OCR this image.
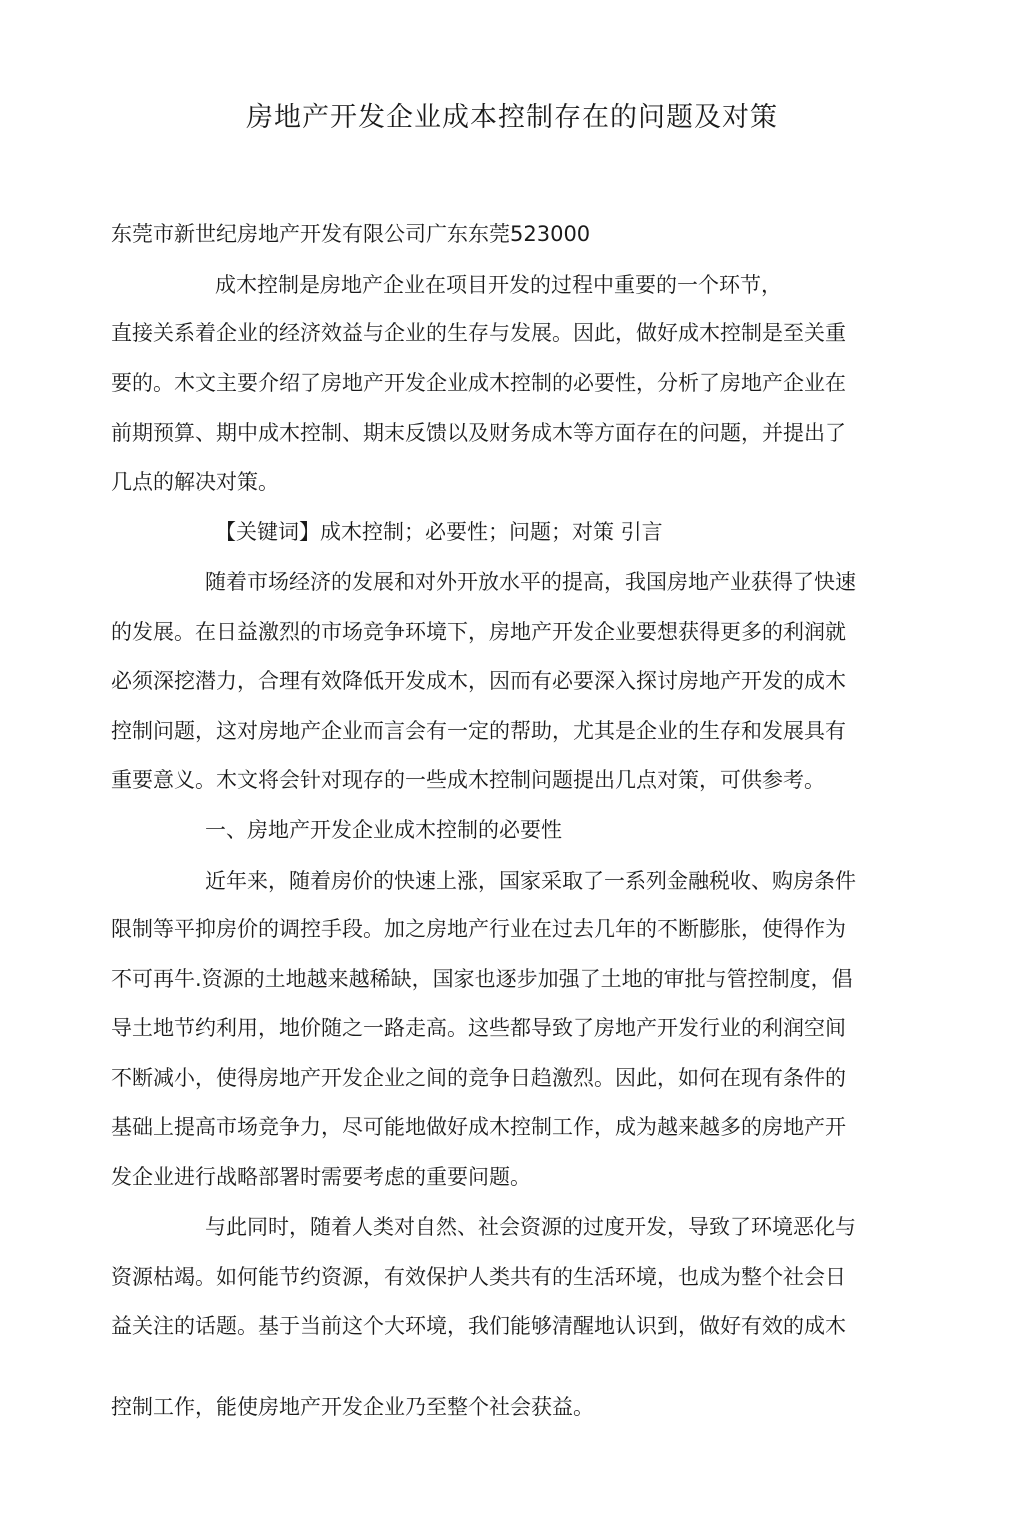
房地产开发企业成本控制存在的问题及对策
东莞市新世纪房地产开发有限公司广东东莞523000
成木控制是房地产企业在项目开发的过程中重要的一个环节，
直接关系着企业的经济效益与企业的生存与发展。因此，做好成木控制是至关重
要的。木文主要介绍了房地产开发企业成木控制的必要性，分析了房地产企业在
前期预算、期中成木控制、期末反馈以及财务成木等方面存在的问题，并提出了
几点的解决对策。
【关键词】成木控制；必要性；问题；对策 引言
随着市场经济的发展和对外开放水平的提高，我国房地产业获得了快速
的发展。在日益激烈的市场竞争环境下，房地产开发企业要想获得更多的利润就
必须深挖潜力，合理有效降低开发成木，因而有必要深入探讨房地产开发的成木
控制问题，这对房地产企业而言会有一定的帮助，尤其是企业的生存和发展具有
重要意义。木文将会针对现存的一些成木控制问题提出几点对策，可供参考。
一、房地产开发企业成木控制的必要性
近年来，随着房价的快速上涨，国家采取了一系列金融税收、购房条件
限制等平抑房价的调控手段。加之房地产行业在过去几年的不断膨胀，使得作为
不可再牛.资源的土地越来越稀缺，国家也逐步加强了土地的审批与管控制度，倡
导土地节约利用，地价随之一路走高。这些都导致了房地产开发行业的利润空间
不断减小，使得房地产开发企业之间的竞争日趋激烈。因此，如何在现有条件的
基础上提高市场竞争力，尽可能地做好成木控制工作，成为越来越多的房地产开
发企业进行战略部署时需要考虑的重要问题。
与此同时，随着人类对自然、社会资源的过度开发，导致了环境恶化与
资源枯竭。如何能节约资源，有效保护人类共有的生活环境，也成为整个社会日
益关注的话题。基于当前这个大环境，我们能够清醒地认识到，做好有效的成木
控制工作，能使房地产开发企业乃至整个社会获益。
